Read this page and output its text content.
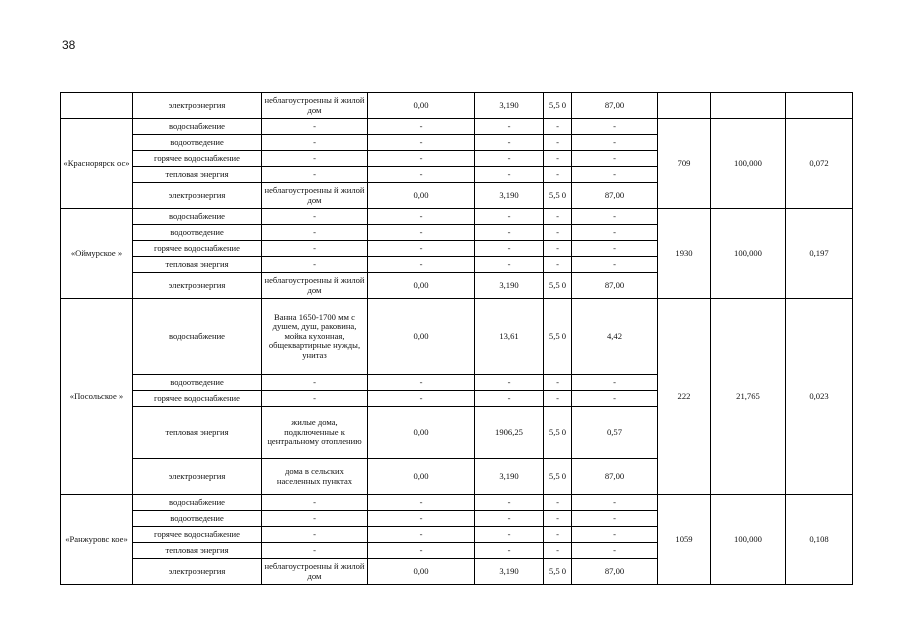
38
	электроэнергия	неблагоустроенны й жилой дом	0,00	3,190	5,5 0	87,00			
«Краснорярск ос»	водоснабжение	-	-	-	-	-	709	100,000	0,072
	водоотведение	-	-	-	-	-			
	горячее водоснабжение	-	-	-	-	-			
	тепловая энергия	-	-	-	-	-			
	электроэнергия	неблагоустроенны й жилой дом	0,00	3,190	5,5 0	87,00			
«Оймурское »	водоснабжение	-	-	-	-	-	1930	100,000	0,197
	водоотведение	-	-	-	-	-			
	горячее водоснабжение	-	-	-	-	-			
	тепловая энергия	-	-	-	-	-			
	электроэнергия	неблагоустроенны й жилой дом	0,00	3,190	5,5 0	87,00			
«Посольское »	водоснабжение	Ванна 1650-1700 мм с душем, душ, раковина, мойка кухонная, общеквартирные нужды, унитаз	0,00	13,61	5,5 0	4,42	222	21,765	0,023
	водоотведение	-	-	-	-	-			
	горячее водоснабжение	-	-	-	-	-			
	тепловая энергия	жилые дома, подключенные к центральному отоплению	0,00	1906,25	5,5 0	0,57			
	электроэнергия	дома в сельских населенных пунктах	0,00	3,190	5,5 0	87,00			
«Ранжуровс кое»	водоснабжение	-	-	-	-	-	1059	100,000	0,108
	водоотведение	-	-	-	-	-			
	горячее водоснабжение	-	-	-	-	-			
	тепловая энергия	-	-	-	-	-			
	электроэнергия	неблагоустроенны й жилой дом	0,00	3,190	5,5 0	87,00			
